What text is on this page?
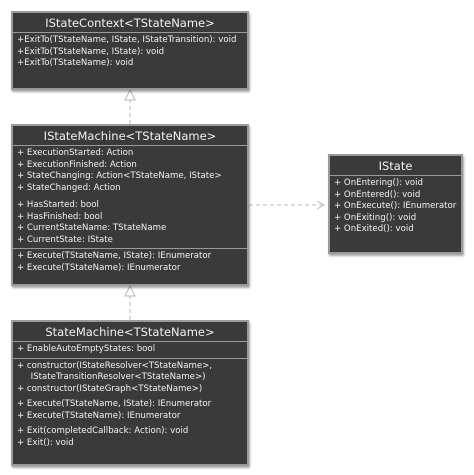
IStateContext<TStateName>
+ExitTo(TStateName, IState, IStateTransition): void
+ExitTo(TStateName, IState): void
+ExitTo(TStateName): void
IStateMachine<TStateName>
+ ExecutionStarted: Action
+ ExecutionFinished: Action
+ StateChanging: Action<TStateName, IState>
+ StateChanged: Action
+ HasStarted: bool
+ HasFinished: bool
+ CurrentStateName: TStateName
+ CurrentState: IState
+ Execute(TStateName, IState): IEnumerator
+ Execute(TStateName): IEnumerator
IState
+ OnEntering(): void
+ OnEntered(): void
+ OnExecute(): IEnumerator
+ OnExiting(): void
+ OnExited(): void
StateMachine<TStateName>
+ EnableAutoEmptyStates: bool
+ constructor(IStateResolver<TStateName>,
IStateTransitionResolver<TStateName>)
+ constructor(IStateGraph<TStateName>)
+ Execute(TStateName, IState): IEnumerator
+ Execute(TStateName): IEnumerator
+ Exit(completedCallback: Action): void
+ Exit(): void
